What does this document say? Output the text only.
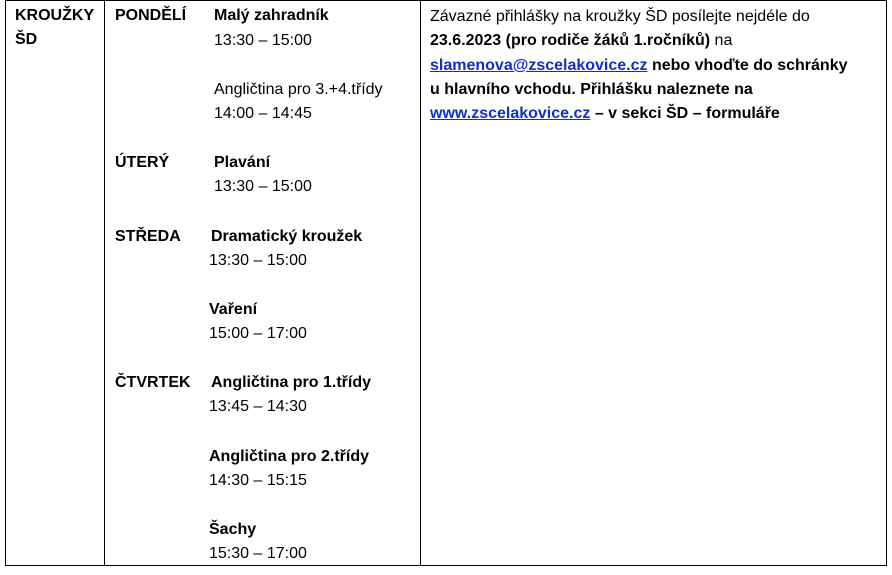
KROUŽKY
ŠD
PONDĚLÍ Malý zahradník
13:30 – 15:00
Angličtina pro 3.+4.třídy
14:00 – 14:45
ÚTERÝ	Plavání
13:30 – 15:00
STŘEDA Dramatický kroužek
13:30 – 15:00
Vaření
15:00 – 17:00
ČTVRTEK Angličtina pro 1.třídy
13:45 – 14:30
Angličtina pro 2.třídy
14:30 – 15:15
Šachy
15:30 – 17:00
Závazné přihlášky na kroužky ŠD posílejte nejdéle do
23.6.2023 (pro rodiče žáků 1.ročníků) na
slamenova@zscelakovice.cz nebo vhoďte do schránky
u hlavního vchodu. Přihlášku naleznete na
www.zscelakovice.cz – v sekci ŠD – formuláře
